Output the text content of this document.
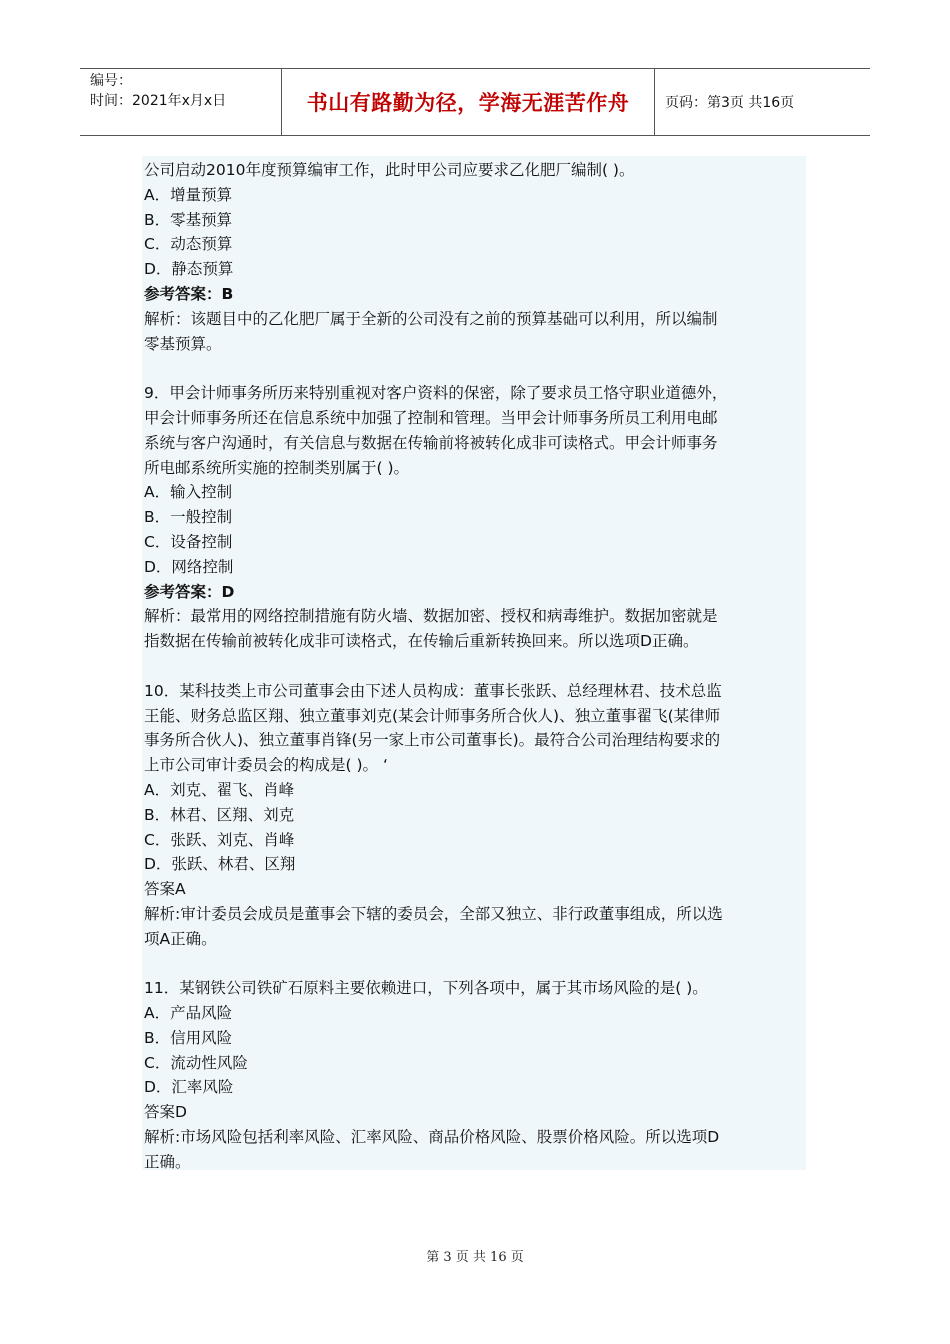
编号：
时间：2021年x月x日	书山有路勤为径，学海无涯苦作舟	页码：第3页 共16页
公司启动2010年度预算编审工作，此时甲公司应要求乙化肥厂编制( )。
A．增量预算
B．零基预算
C．动态预算
D．静态预算
参考答案：B
解析：该题目中的乙化肥厂属于全新的公司没有之前的预算基础可以利用，所以编制
零基预算。
9．甲会计师事务所历来特别重视对客户资料的保密，除了要求员工恪守职业道德外，
甲会计师事务所还在信息系统中加强了控制和管理。当甲会计师事务所员工利用电邮
系统与客户沟通时，有关信息与数据在传输前将被转化成非可读格式。甲会计师事务
所电邮系统所实施的控制类别属于( )。
A．输入控制
B．一般控制
C．设备控制
D．网络控制
参考答案：D
解析：最常用的网络控制措施有防火墙、数据加密、授权和病毒维护。数据加密就是
指数据在传输前被转化成非可读格式，在传输后重新转换回来。所以选项D正确。
10．某科技类上市公司董事会由下述人员构成：董事长张跃、总经理林君、技术总监
王能、财务总监区翔、独立董事刘克(某会计师事务所合伙人)、独立董事翟飞(某律师
事务所合伙人)、独立董事肖锋(另一家上市公司董事长)。最符合公司治理结构要求的
上市公司审计委员会的构成是( )。 ‘
A．刘克、翟飞、肖峰
B．林君、区翔、刘克
C．张跃、刘克、肖峰
D．张跃、林君、区翔
答案A
解析:审计委员会成员是董事会下辖的委员会，全部又独立、非行政董事组成，所以选
项A正确。
11．某钢铁公司铁矿石原料主要依赖进口，下列各项中，属于其市场风险的是( )。
A．产品风险
B．信用风险
C．流动性风险
D．汇率风险
答案D
解析:市场风险包括利率风险、汇率风险、商品价格风险、股票价格风险。所以选项D
正确。
第 3 页 共 16 页
